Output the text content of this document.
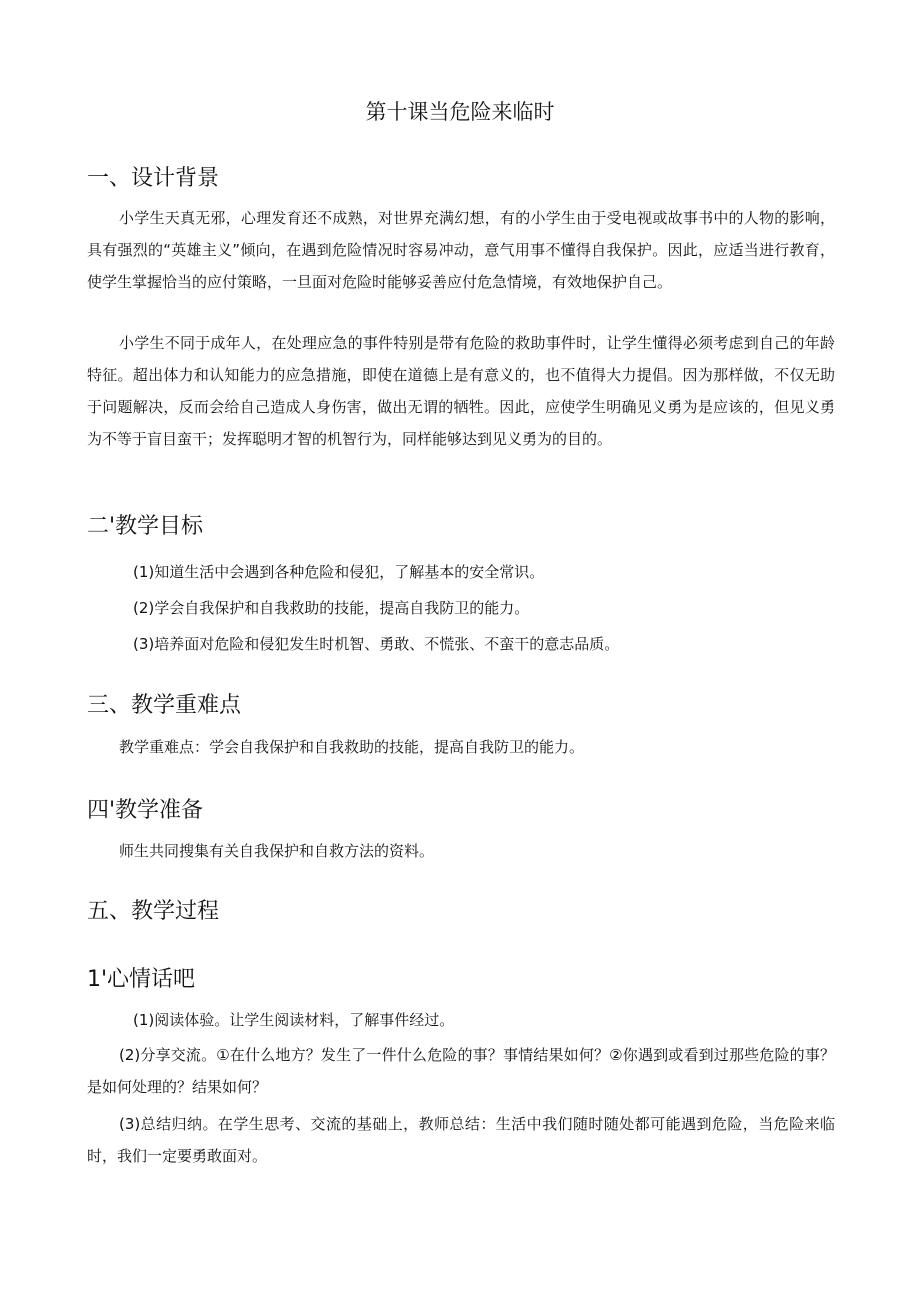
第十课当危险来临时
一、设计背景

小学生天真无邪，心理发育还不成熟，对世界充满幻想，有的小学生由于受电视或故事书中的人物的影响，具有强烈的“英雄主义”倾向，在遇到危险情况时容易冲动，意气用事不懂得自我保护。因此，应适当进行教育，使学生掌握恰当的应付策略，一旦面对危险时能够妥善应付危急情境，有效地保护自己。

小学生不同于成年人，在处理应急的事件特别是带有危险的救助事件时，让学生懂得必须考虑到自己的年龄特征。超出体力和认知能力的应急措施，即使在道德上是有意义的，也不值得大力提倡。因为那样做，不仅无助于问题解决，反而会给自己造成人身伤害，做出无谓的牺牲。因此，应使学生明确见义勇为是应该的，但见义勇为不等于盲目蛮干；发挥聪明才智的机智行为，同样能够达到见义勇为的目的。

二'教学目标

(1)知道生活中会遇到各种危险和侵犯，了解基本的安全常识。

(2)学会自我保护和自我救助的技能，提高自我防卫的能力。

(3)培养面对危险和侵犯发生时机智、勇敢、不慌张、不蛮干的意志品质。

三、教学重难点

教学重难点：学会自我保护和自我救助的技能，提高自我防卫的能力。

四'教学准备

师生共同搜集有关自我保护和自救方法的资料。

五、教学过程
1'心情话吧

(1)阅读体验。让学生阅读材料，了解事件经过。

(2)分享交流。①在什么地方？发生了一件什么危险的事？事情结果如何？②你遇到或看到过那些危险的事？是如何处理的？结果如何？

(3)总结归纳。在学生思考、交流的基础上，教师总结：生活中我们随时随处都可能遇到危险，当危险来临时，我们一定要勇敢面对。
